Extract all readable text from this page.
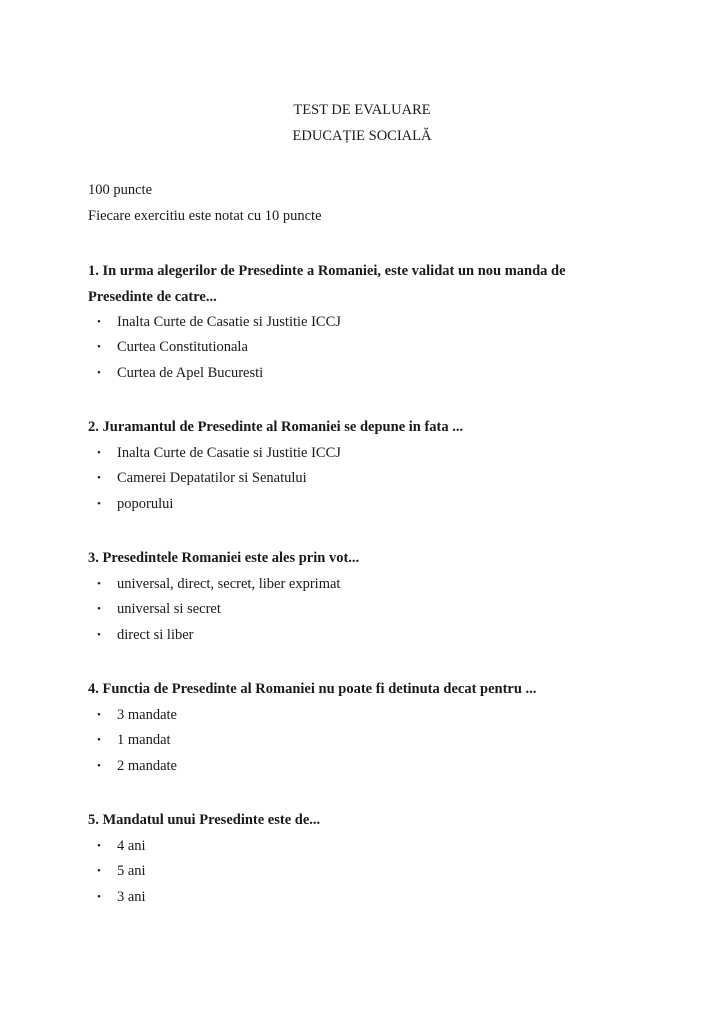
TEST DE EVALUARE
EDUCAȚIE SOCIALĂ
100 puncte
Fiecare exercitiu este notat cu 10 puncte
1. In urma alegerilor de Presedinte a Romaniei, este validat un nou manda de
Presedinte de catre...
• Inalta Curte de Casatie si Justitie ICCJ
• Curtea Constitutionala
• Curtea de Apel Bucuresti
2. Juramantul de Presedinte al Romaniei se depune in fata ...
• Inalta Curte de Casatie si Justitie ICCJ
• Camerei Depatatilor si Senatului
• poporului
3. Presedintele Romaniei este ales prin vot...
• universal, direct, secret, liber exprimat
• universal si secret
• direct si liber
4. Functia de Presedinte al Romaniei nu poate fi detinuta decat pentru ...
• 3 mandate
• 1 mandat
• 2 mandate
5. Mandatul unui Presedinte este de...
• 4 ani
• 5 ani
• 3 ani
